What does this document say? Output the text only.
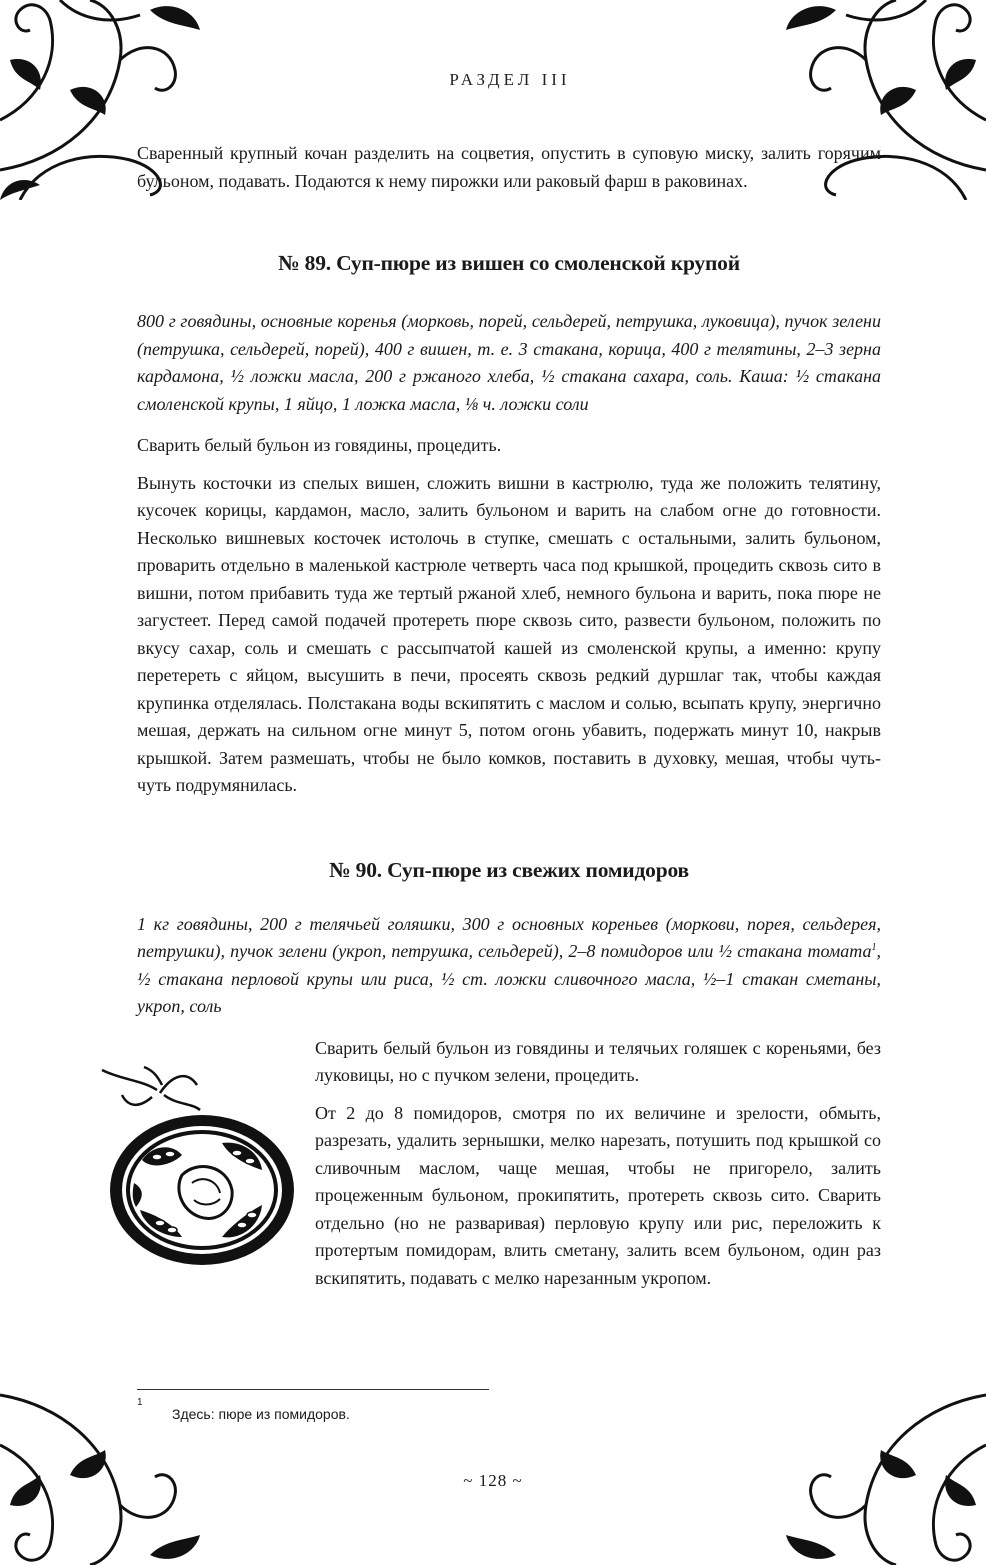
РАЗДЕЛ III

Сваренный крупный кочан разделить на соцветия, опустить в суповую миску, залить горячим бульоном, подавать. Подаются к нему пирожки или раковый фарш в раковинах.

№ 89. Суп-пюре из вишен со смоленской крупой

800 г говядины, основные коренья (морковь, порей, сельдерей, петрушка, луковица), пучок зелени (петрушка, сельдерей, порей), 400 г вишен, т. е. 3 стакана, корица, 400 г телятины, 2–3 зерна кардамона, ½ ложки масла, 200 г ржаного хлеба, ½ стакана сахара, соль. Каша: ½ стакана смоленской крупы, 1 яйцо, 1 ложка масла, ⅛ ч. ложки соли

Сварить белый бульон из говядины, процедить.

Вынуть косточки из спелых вишен, сложить вишни в кастрюлю, туда же положить телятину, кусочек корицы, кардамон, масло, залить бульоном и варить на слабом огне до готовности. Несколько вишневых косточек истолочь в ступке, смешать с остальными, залить бульоном, проварить отдельно в маленькой кастрюле четверть часа под крышкой, процедить сквозь сито в вишни, потом прибавить туда же тертый ржаной хлеб, немного бульона и варить, пока пюре не загустеет. Перед самой подачей протереть пюре сквозь сито, развести бульоном, положить по вкусу сахар, соль и смешать с рассыпчатой кашей из смоленской крупы, а именно: крупу перетереть с яйцом, высушить в печи, просеять сквозь редкий дуршлаг так, чтобы каждая крупинка отделялась. Полстакана воды вскипятить с маслом и солью, всыпать крупу, энергично мешая, держать на сильном огне минут 5, потом огонь убавить, подержать минут 10, накрыв крышкой. Затем размешать, чтобы не было комков, поставить в духовку, мешая, чтобы чуть-чуть подрумянилась.

№ 90. Суп-пюре из свежих помидоров

1 кг говядины, 200 г телячьей голяшки, 300 г основных кореньев (моркови, порея, сельдерея, петрушки), пучок зелени (укроп, петрушка, сельдерей), 2–8 помидоров или ½ стакана томата$^1$, ½ стакана перловой крупы или риса, ½ ст. ложки сливочного масла, ½–1 стакан сметаны, укроп, соль

Сварить белый бульон из говядины и телячьих голяшек с кореньями, без луковицы, но с пучком зелени, процедить.

От 2 до 8 помидоров, смотря по их величине и зрелости, обмыть, разрезать, удалить зернышки, мелко нарезать, потушить под крышкой со сливочным маслом, чаще мешая, чтобы не пригорело, залить процеженным бульоном, прокипятить, протереть сквозь сито. Сварить отдельно (но не разваривая) перловую крупу или рис, переложить к протертым помидорам, влить сметану, залить всем бульоном, один раз вскипятить, подавать с мелко нарезанным укропом.

1
Здесь: пюре из помидоров.
~ 128 ~
